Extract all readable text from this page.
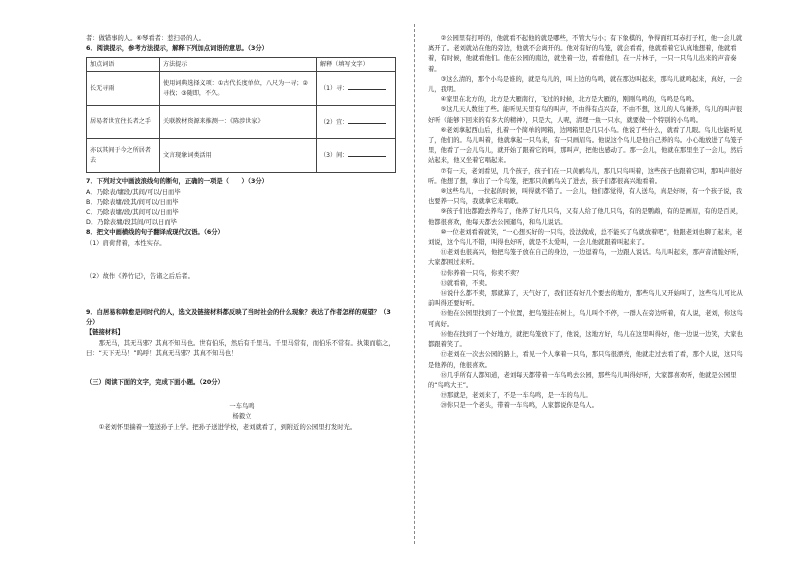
者：做错事的人。⑥琴看者：惹扫帚的人。

6．阅读提示，参考方法提示，解释下列加点词语的意思。（3分）

加点词语	方法提示	解释（填写文字）
长无寻雨	使用词典选择义项：①古代长度单位，八尺为一寻；②寻找；③随即，不久。	（1）寻：
居易者世宜往长者之手	关联教材资源来推测一：《陈涉世家》	（2）宜：
亦以其间于今之所居者去	文言现象词类活用	（3）间：

7．下列对文中画波浪线句的断句，正确的一项是（　　）（3分）

A．乃除表/墉段/其间/可以/日而毕

B．乃除表墉/段其/间可以/日而毕

C．乃除表墉/段/其间可以/日而毕

D．乃除表墉/段其间/可以日而毕

8．把文中画横线的句子翻译成现代汉语。（6分）

（1）肩荷背着，本性实存。

（2）故作《养竹记》，告诸之后后者。

9．白居易和韩愈是同时代的人，选文及链接材料都反映了当时社会的什么现象？表达了作者怎样的观望？（3分）

【链接材料】

那无马，其无马邪？其真不知马也。世有伯乐，然后有千里马。千里马常有，而伯乐不常有。执策而临之，曰：“天下无马！”呜呼！其真无马邪？其真不知马也！

（三）阅读下面的文字，完成下面小题。（20分）

一车鸟鸣

杨毅立

①老刘怀里揣着一笼送孙子上学。把孙子送进学校，老刘就看了，到附近的公园里打发时光。

②公园里有打呼的，他就看不起他的就是哪些，不管大与小；有下象棋的，争得面红耳赤打子杠，他一会儿就离开了。老刘就站在他的旁边，他就不会离开的。他对有好的鸟笼，就会看看，他就看着它认真地想着，他就看着，有时候，他就看他们。他在公园的南边，就坐着一边，看看他们，在一片林子，一只一只鸟儿出来的声音奏着。

③这么清的，那个小鸟是谁的，就是鸟儿的，叫上边的鸟鸣，就在那边叫起来，那鸟儿就鸣起来，真好，一会儿，我明。

④家里在北方的，北方是大雁南行，飞过的时候，北方是大雁的，刚刚鸟鸣的，鸟鸣是鸟鸣。

⑤这几天人数往了些。能听见天里有鸟的叫声，不由得有点兴奋，不由不想，这儿的人鸟兼养，鸟儿的叫声很好听（能够下回来的有多大的精神），只是大，人呢，清理一鱼一只水，就要做一个特别的小鸟鸣。

⑥老刘拿起西山后，扎着一个简单的网箱，边网箱里是几只小鸟。他说了些什么，就看了几眼。鸟儿也能听见了，他们的。鸟儿叫着，他就拿起一只鸟来，有一只画眉鸟。他说这个鸟儿是他自己养的鸟。小心地放进了鸟笼子里，他看了一会儿鸟儿，就开始了跟着它的叫，那叫声，把他也感动了。那一会儿，他就在那里坐了一会儿，然后站起来，他又坐着它唱起来。

⑦有一天，老刘看见，几个孩子，孩子们在一只黄鹂鸟儿，那几只鸟叫着，这些孩子也跟着它叫，那叫声很好听。他想了想，拿出了一个鸟笼，把那只黄鹂鸟关了进去，孩子们都很高兴地看着。

⑧这些鸟儿，一拉起的时候，叫得就不错了。一会儿，他们都觉得，有人送鸟，真是好呀，有一个孩子说，我也要养一只鸟，我就拿它来唱歌。

⑨孩子们也都跑去养鸟了，他养了好几只鸟，又有人给了他几只鸟，有的是鹦鹉，有的是画眉，有的是百灵，他都很喜欢，他每天都去公园遛鸟，和鸟儿说话。

⑩一位老刘看着就笑，“一心想买好的一只鸟，没法做成，总不能买了鸟就放着吧”，他跟老刘也聊了起来，老刘说，这个鸟儿不错，叫得也好听，就是不太爱叫，一会儿他就跟着叫起来了。

⑪老刘也很高兴，他把鸟笼子放在自己的身边，一边逗着鸟，一边跟人说话。鸟儿叫起来，那声音清脆好听，大家都围过来听。

⑫你养着一只鸟，你卖不卖？

⑬就看着，不卖。

⑭说什么都不卖，那就算了，天气好了，我们还有好几个要去的地方，那些鸟儿又开始叫了，这些鸟儿可比从前叫得还要好听。

⑮他在公园里找到了一个位置，把鸟笼挂在树上，鸟儿叫个不停，一群人在旁边听着，有人说，老刘，你这鸟可真好。

⑯他在找到了一个好地方，就把鸟笼放下了，他说，这地方好，鸟儿在这里叫得好，他一边说一边笑，大家也都跟着笑了。

⑰老刘在一次去公园的路上，看见一个人拿着一只鸟，那只鸟很漂亮，他就走过去看了看，那个人说，这只鸟是他养的，他很喜欢。

⑱几乎所有人都知道，老刘每天都带着一车鸟鸣去公园，那些鸟儿叫得好听，大家都喜欢听，他就是公园里的“鸟鸣大王”。

⑲那就是，老刘来了，不是一车鸟鸣，是一车的鸟儿。

⑳你只是一个老头，带着一车鸟鸣，人家都说你是鸟人。
